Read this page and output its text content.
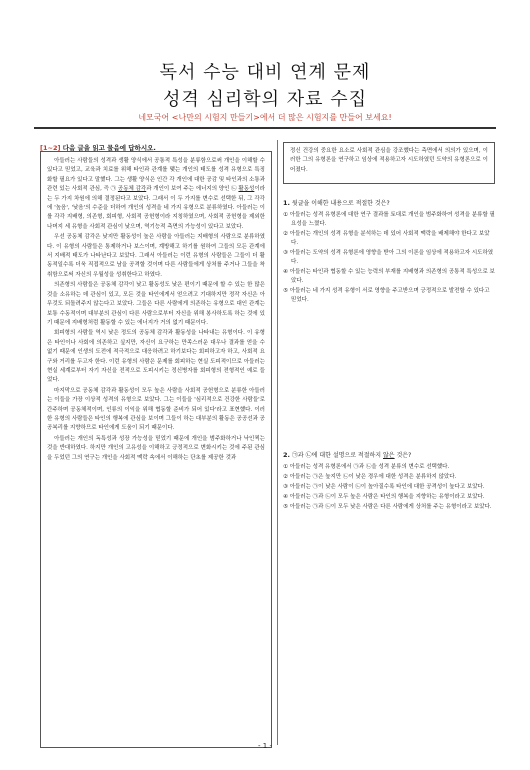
독서 수능 대비 연계 문제
성격 심리학의 자료 수집
네모국어 <나만의 시험지 만들기>에서 더 많은 시험지를 만들어 보세요!
[1~2] 다음 글을 읽고 물음에 답하시오.

아들러는 사람들의 성격과 생활 양식에서 공통적 특성을 분류함으로써 개인을 이해할 수 있다고 믿었고, 교육과 치료를 위해 타인과 관계를 맺는 개인의 태도를 성격 유형으로 특징화할 필요가 있다고 말했다. 그는 생활 양식은 인간 각 개인에 대한 공감 및 타인과의 소통과 관련 있는 사회적 관심, 즉 ㉠ 공동체 감각과 개인이 보여 주는 에너지의 양인 ㉡ 활동성이라는 두 가지 차원에 의해 결정된다고 보았다. 그래서 이 두 가지를 변수로 선택한 뒤, 그 각각에 '높음', '낮음'의 수준을 더하여 개인의 성격을 네 가지 유형으로 분류하였다. 아들러는 이를 각각 지배형, 의존형, 회피형, 사회적 공헌형이라 지칭하였으며, 사회적 공헌형을 제외한 나머지 세 유형을 사회적 관심이 낮으며, 역기능적 측면의 가능성이 있다고 보았다.

우선 공동체 감각은 낮지만 활동성이 높은 사람을 아들러는 지배형의 사람으로 분류하였다. 이 유형의 사람들은 통제하거나 보스이며, 계방해고 하기를 원하여 그들의 모든 관계에서 지배적 태도가 나타난다고 보았다. 그래서 아들러는 이런 유형의 사람들은 그들이 더 활동적일수록 더욱 직접적으로 남을 공격할 것이며 다른 사람들에게 상처를 주거나 그들을 착취함으로써 자신의 우월성을 성취한다고 하였다.

의존형의 사람들은 공동체 감각이 낮고 활동성도 낮은 편이기 때문에 할 수 있는 한 많은 것을 소유하는 데 관심이 있고, 모든 것을 타인에게서 얻으려고 기대하지만 정작 자신은 아무것도 되돌려주지 않는다고 보았다. 그들은 다른 사람에게 의존하는 유형으로 대인 관계는 보통 수동적이며 대부분의 관심이 다른 사람으로부터 자신을 위해 봉사하도록 하는 것에 있기 때문에 지배형처럼 활동할 수 있는 에너지가 거의 없기 때문이다.

회피형의 사람들 역시 낮은 정도의 공동체 감각과 활동성을 나타내는 유형이다. 이 유형은 타인이나 사회에 의존하고 싶지만, 자신이 요구하는 만족스러운 대우나 결과를 얻을 수 없기 때문에 인생의 도전에 적극적으로 대응하려고 하기보다는 회피하고자 하고, 사회적 요구와 거리를 두고자 한다. 이런 유형의 사람은 문제를 회피하는 현실 도피적이므로 아들러는 현실 세계로부터 자기 자신을 전적으로 도피시키는 정신병자를 회피형의 전형적인 예로 들었다.

마지막으로 공동체 감각과 활동성이 모두 높은 사람을 사회적 공헌형으로 분류한 아들러는 이들을 가장 이상적 성격의 유형으로 보았다. 그는 이들을 '심리적으로 건강한 사람들'로 간주하며 공동체적이며, 인류의 이익을 위해 협동할 준비가 되어 있다'라고 표현했다. 이러한 유형의 사람들은 타인의 행복에 관심을 보이며 그들이 하는 대부분의 활동은 공공선과 공공복리를 지향하므로 타인에게 도움이 되기 때문이다.

아들러는 개인의 독특성과 성장 가능성을 믿었기 때문에 개인을 범주화하거나 낙인찍는 것을 반대하였다. 하지만 개인의 고유성을 이해하고 긍정적으로 변화시키는 것에 주된 관심을 두었던 그의 연구는 개인을 사회적 맥락 속에서 이해하는 단초를 제공한 것과

정신 건강의 중요한 요소로 사회적 관심을 강조했다는 측면에서 의의가 있으며, 이러한 그의 유형론을 연구하고 임상에 적용하고자 시도하였던 도약의 유형론으로 이어졌다.
1. 윗글을 이해한 내용으로 적절한 것은?
① 아들러는 성격 유형론에 대한 연구 결과를 토대로 개인을 범주화하여 성격을 분류할 필요성을 느꼈다.
② 아들러는 개인의 성격 유형을 분석하는 데 있어 사회적 맥락을 배제해야 한다고 보았다.
③ 아들러는 도약의 성격 유형론에 영향을 받아 그의 이론을 임상에 적용하고자 시도하였다.
④ 아들러는 타인과 협동할 수 있는 능력의 부재를 지배형과 의존형의 공통적 특성으로 보았다.
⑤ 아들러는 네 가지 성격 유형이 서로 영향을 주고받으며 긍정적으로 발전할 수 있다고 믿었다.
2. ㉠과 ㉡에 대한 설명으로 적절하지 않은 것은?
① 아들러는 성격 유형론에서 ㉠과 ㉡을 성격 분류의 변수로 선택했다.
② 아들러는 ㉠은 높지만 ㉡이 낮은 경우에 대한 성격은 분류하지 않았다.
③ 아들러는 ㉠이 낮은 사람이 ㉡이 높아질수록 타인에 대한 공격성이 높다고 보았다.
④ 아들러는 ㉠과 ㉡이 모두 높은 사람은 타인의 행복을 지향하는 유형이라고 보았다.
⑤ 아들러는 ㉠과 ㉡이 모두 낮은 사람은 다른 사람에게 상처를 주는 유형이라고 보았다.
- 1 -
